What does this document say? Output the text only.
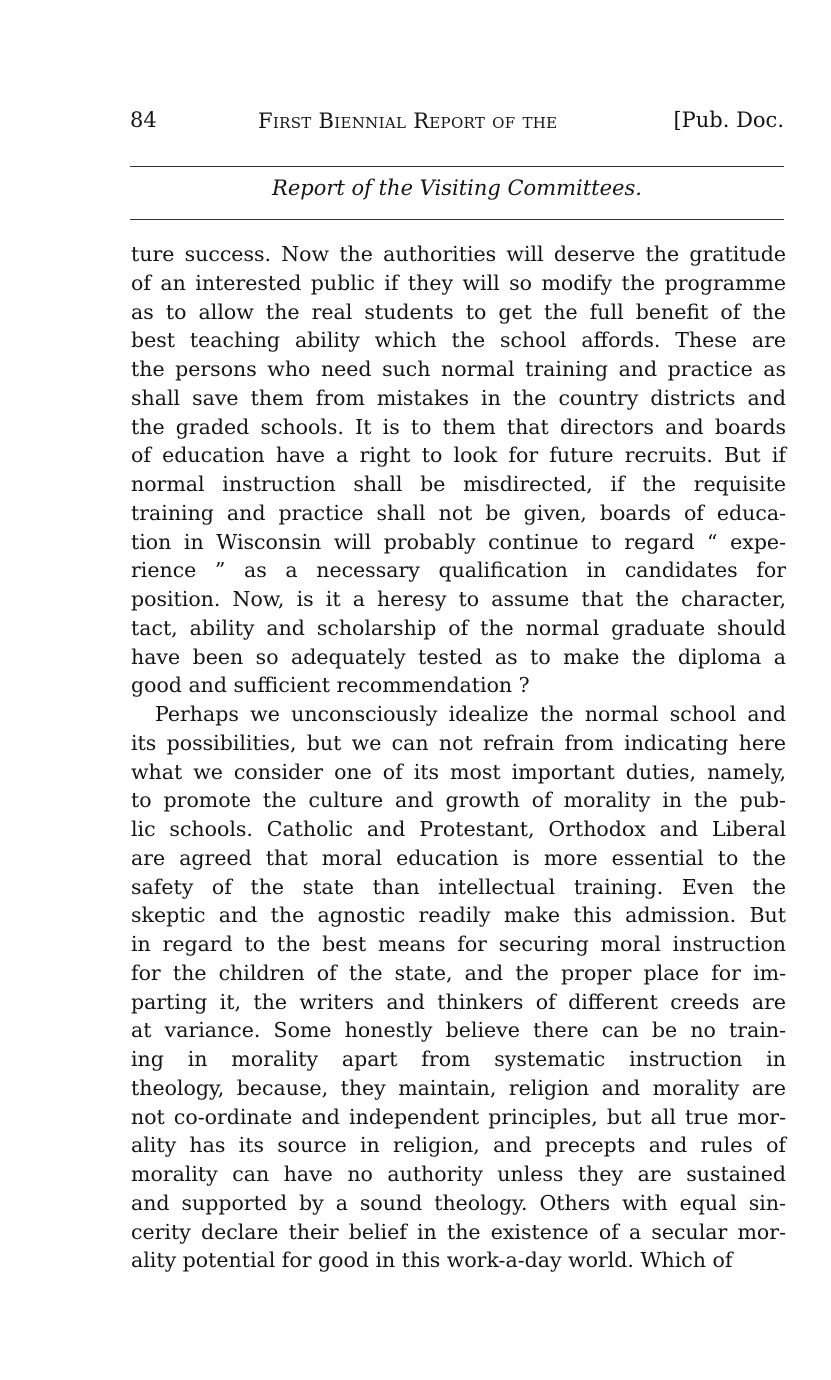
84	First Biennial Report of the	[Pub. Doc.
Report of the Visiting Committees.
ture success. Now the authorities will deserve the gratitude
of an interested public if they will so modify the programme
as to allow the real students to get the full benefit of the
best teaching ability which the school affords. These are
the persons who need such normal training and practice as
shall save them from mistakes in the country districts and
the graded schools. It is to them that directors and boards
of education have a right to look for future recruits. But if
normal instruction shall be misdirected, if the requisite
training and practice shall not be given, boards of educa-
tion in Wisconsin will probably continue to regard “ expe-
rience ” as a necessary qualification in candidates for
position. Now, is it a heresy to assume that the character,
tact, ability and scholarship of the normal graduate should
have been so adequately tested as to make the diploma a
good and sufficient recommendation ?
Perhaps we unconsciously idealize the normal school and
its possibilities, but we can not refrain from indicating here
what we consider one of its most important duties, namely,
to promote the culture and growth of morality in the pub-
lic schools. Catholic and Protestant, Orthodox and Liberal
are agreed that moral education is more essential to the
safety of the state than intellectual training. Even the
skeptic and the agnostic readily make this admission. But
in regard to the best means for securing moral instruction
for the children of the state, and the proper place for im-
parting it, the writers and thinkers of different creeds are
at variance. Some honestly believe there can be no train-
ing in morality apart from systematic instruction in
theology, because, they maintain, religion and morality are
not co-ordinate and independent principles, but all true mor-
ality has its source in religion, and precepts and rules of
morality can have no authority unless they are sustained
and supported by a sound theology. Others with equal sin-
cerity declare their belief in the existence of a secular mor-
ality potential for good in this work-a-day world. Which of
